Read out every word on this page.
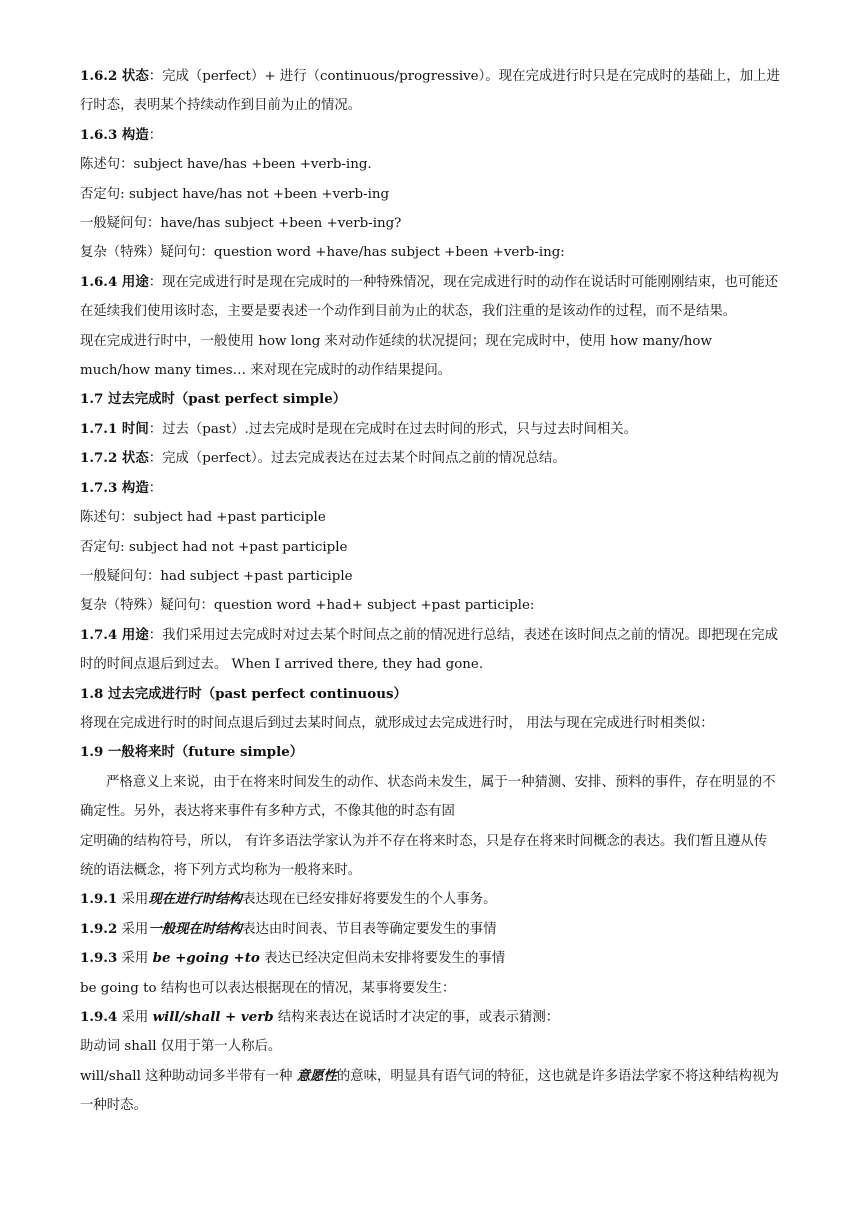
1.6.2 状态：完成（perfect）+ 进行（continuous/progressive）。现在完成进行时只是在完成时的基础上，加上进行时态，表明某个持续动作到目前为止的情况。
1.6.3 构造：
陈述句：subject have/has +been +verb-ing.
否定句: subject have/has not +been +verb-ing
一般疑问句：have/has subject +been +verb-ing?
复杂（特殊）疑问句：question word +have/has subject +been +verb-ing:
1.6.4 用途：现在完成进行时是现在完成时的一种特殊情况，现在完成进行时的动作在说话时可能刚刚结束，也可能还在延续我们使用该时态，主要是要表述一个动作到目前为止的状态，我们注重的是该动作的过程，而不是结果。
现在完成进行时中，一般使用 how long 来对动作延续的状况提问；现在完成时中，使用 how many/how much/how many times… 来对现在完成时的动作结果提问。
1.7 过去完成时（past perfect simple）
1.7.1 时间：过去（past）.过去完成时是现在完成时在过去时间的形式，只与过去时间相关。
1.7.2 状态：完成（perfect）。过去完成表达在过去某个时间点之前的情况总结。
1.7.3 构造：
陈述句：subject had +past participle
否定句: subject had not +past participle
一般疑问句：had subject +past participle
复杂（特殊）疑问句：question word +had+ subject +past participle:
1.7.4 用途：我们采用过去完成时对过去某个时间点之前的情况进行总结，表述在该时间点之前的情况。即把现在完成时的时间点退后到过去。 When I arrived there, they had gone.
1.8 过去完成进行时（past perfect continuous）
将现在完成进行时的时间点退后到过去某时间点，就形成过去完成进行时， 用法与现在完成进行时相类似：
1.9 一般将来时（future simple）
严格意义上来说，由于在将来时间发生的动作、状态尚未发生，属于一种猜测、安排、预料的事件，存在明显的不确定性。另外，表达将来事件有多种方式，不像其他的时态有固
定明确的结构符号，所以， 有许多语法学家认为并不存在将来时态，只是存在将来时间概念的表达。我们暂且遵从传统的语法概念，将下列方式均称为一般将来时。
1.9.1 采用现在进行时结构表达现在已经安排好将要发生的个人事务。
1.9.2 采用一般现在时结构表达由时间表、节目表等确定要发生的事情
1.9.3 采用 be +going +to 表达已经决定但尚未安排将要发生的事情
be going to 结构也可以表达根据现在的情况，某事将要发生：
1.9.4 采用 will/shall + verb 结构来表达在说话时才决定的事，或表示猜测：
助动词 shall 仅用于第一人称后。
will/shall 这种助动词多半带有一种 意愿性的意味，明显具有语气词的特征，这也就是许多语法学家不将这种结构视为一种时态。
